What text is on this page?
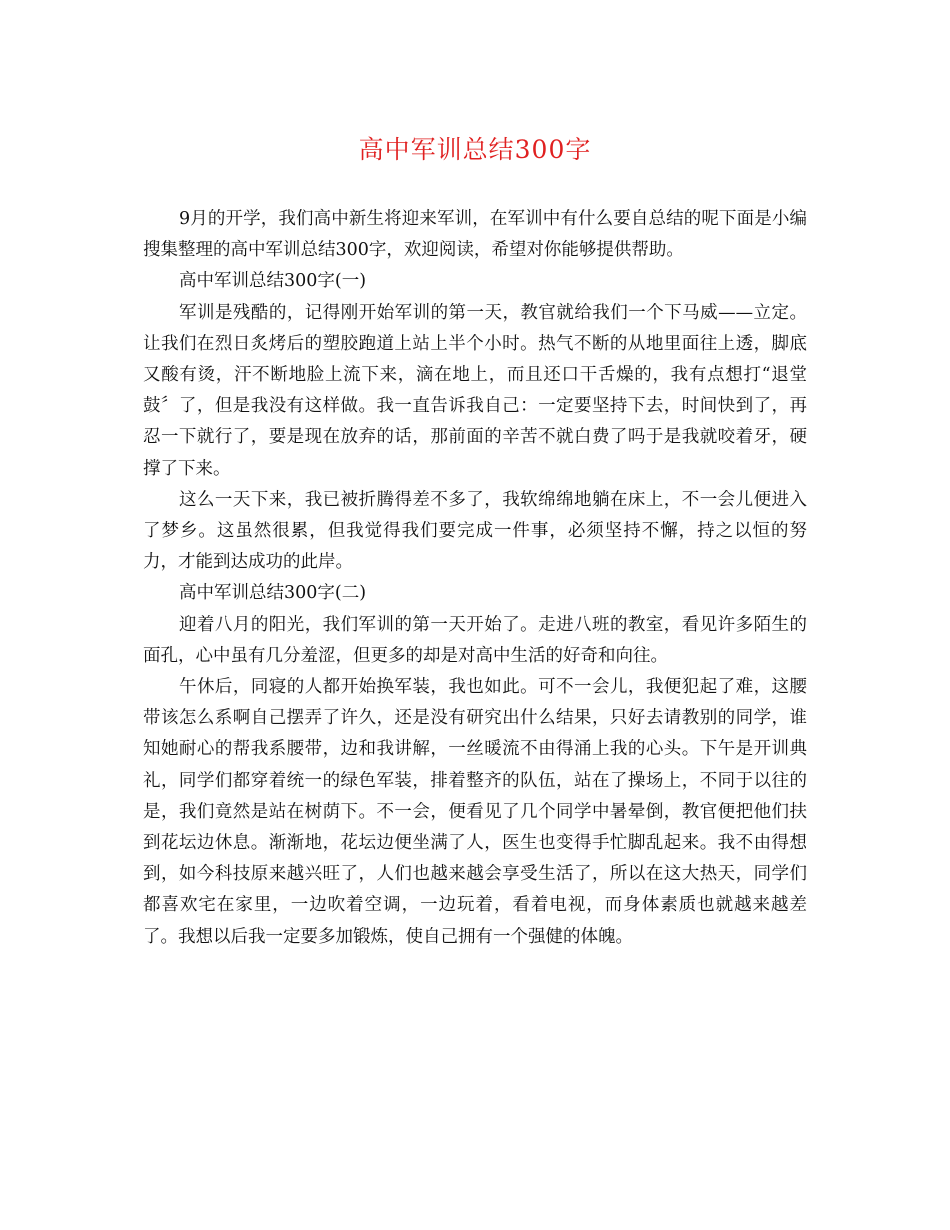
高中军训总结300字

9月的开学，我们高中新生将迎来军训，在军训中有什么要自总结的呢下面是小编搜集整理的高中军训总结300字，欢迎阅读，希望对你能够提供帮助。

高中军训总结300字(一)

军训是残酷的，记得刚开始军训的第一天，教官就给我们一个下马威——立定。让我们在烈日炙烤后的塑胶跑道上站上半个小时。热气不断的从地里面往上透，脚底又酸有烫，汗不断地脸上流下来，滴在地上，而且还口干舌燥的，我有点想打“退堂鼓〞了，但是我没有这样做。我一直告诉我自己：一定要坚持下去，时间快到了，再忍一下就行了，要是现在放弃的话，那前面的辛苦不就白费了吗于是我就咬着牙，硬撑了下来。

这么一天下来，我已被折腾得差不多了，我软绵绵地躺在床上，不一会儿便进入了梦乡。这虽然很累，但我觉得我们要完成一件事，必须坚持不懈，持之以恒的努力，才能到达成功的此岸。

高中军训总结300字(二)

迎着八月的阳光，我们军训的第一天开始了。走进八班的教室，看见许多陌生的面孔，心中虽有几分羞涩，但更多的却是对高中生活的好奇和向往。

午休后，同寝的人都开始换军装，我也如此。可不一会儿，我便犯起了难，这腰带该怎么系啊自己摆弄了许久，还是没有研究出什么结果，只好去请教别的同学，谁知她耐心的帮我系腰带，边和我讲解，一丝暖流不由得涌上我的心头。下午是开训典礼，同学们都穿着统一的绿色军装，排着整齐的队伍，站在了操场上，不同于以往的是，我们竟然是站在树荫下。不一会，便看见了几个同学中暑晕倒，教官便把他们扶到花坛边休息。渐渐地，花坛边便坐满了人，医生也变得手忙脚乱起来。我不由得想到，如今科技原来越兴旺了，人们也越来越会享受生活了，所以在这大热天，同学们都喜欢宅在家里，一边吹着空调，一边玩着，看着电视，而身体素质也就越来越差了。我想以后我一定要多加锻炼，使自己拥有一个强健的体魄。
